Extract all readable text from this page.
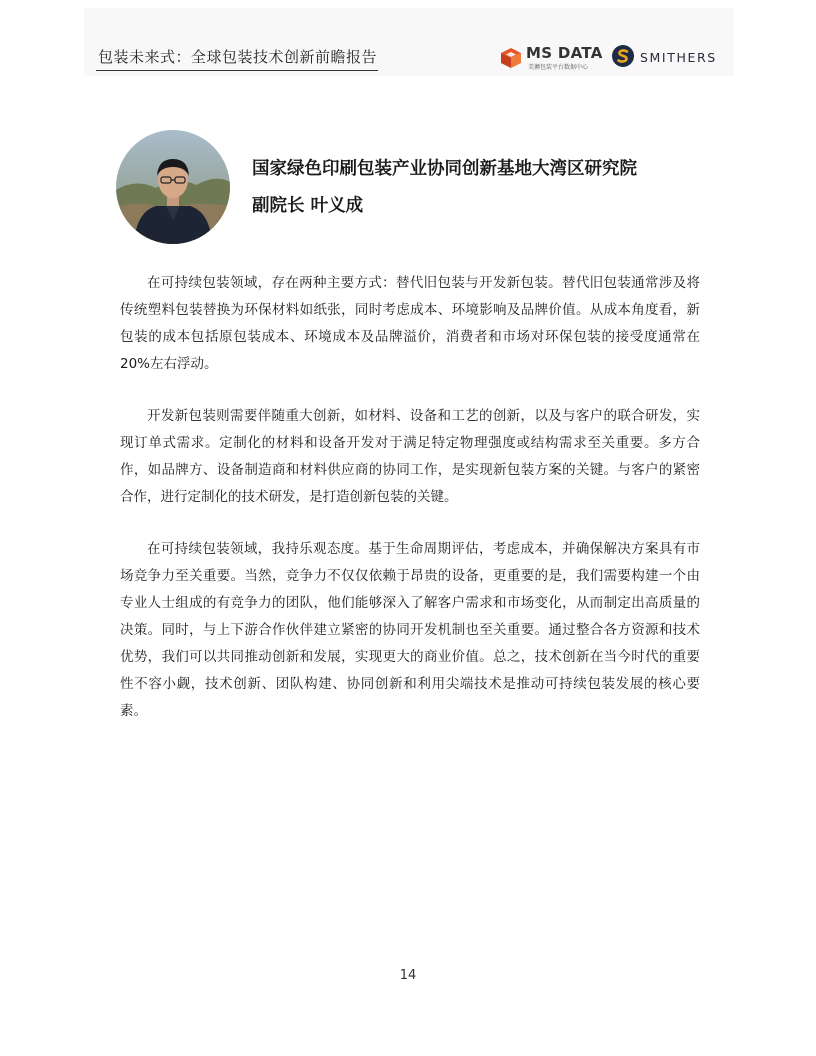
包装未来式：全球包装技术创新前瞻报告	MS DATA
美狮包装平台数据中心
SMITHERS
国家绿色印刷包装产业协同创新基地大湾区研究院
副院长 叶义成

在可持续包装领域，存在两种主要方式：替代旧包装与开发新包装。替代旧包装通常涉及将传统塑料包装替换为环保材料如纸张，同时考虑成本、环境影响及品牌价值。从成本角度看，新包装的成本包括原包装成本、环境成本及品牌溢价，消费者和市场对环保包装的接受度通常在 20%左右浮动。

开发新包装则需要伴随重大创新，如材料、设备和工艺的创新，以及与客户的联合研发，实现订单式需求。定制化的材料和设备开发对于满足特定物理强度或结构需求至关重要。多方合作，如品牌方、设备制造商和材料供应商的协同工作，是实现新包装方案的关键。与客户的紧密合作，进行定制化的技术研发，是打造创新包装的关键。

在可持续包装领域，我持乐观态度。基于生命周期评估，考虑成本，并确保解决方案具有市场竞争力至关重要。当然，竞争力不仅仅依赖于昂贵的设备，更重要的是，我们需要构建一个由专业人士组成的有竞争力的团队，他们能够深入了解客户需求和市场变化，从而制定出高质量的决策。同时，与上下游合作伙伴建立紧密的协同开发机制也至关重要。通过整合各方资源和技术优势，我们可以共同推动创新和发展，实现更大的商业价值。总之，技术创新在当今时代的重要性不容小觑，技术创新、团队构建、协同创新和利用尖端技术是推动可持续包装发展的核心要素。

14
